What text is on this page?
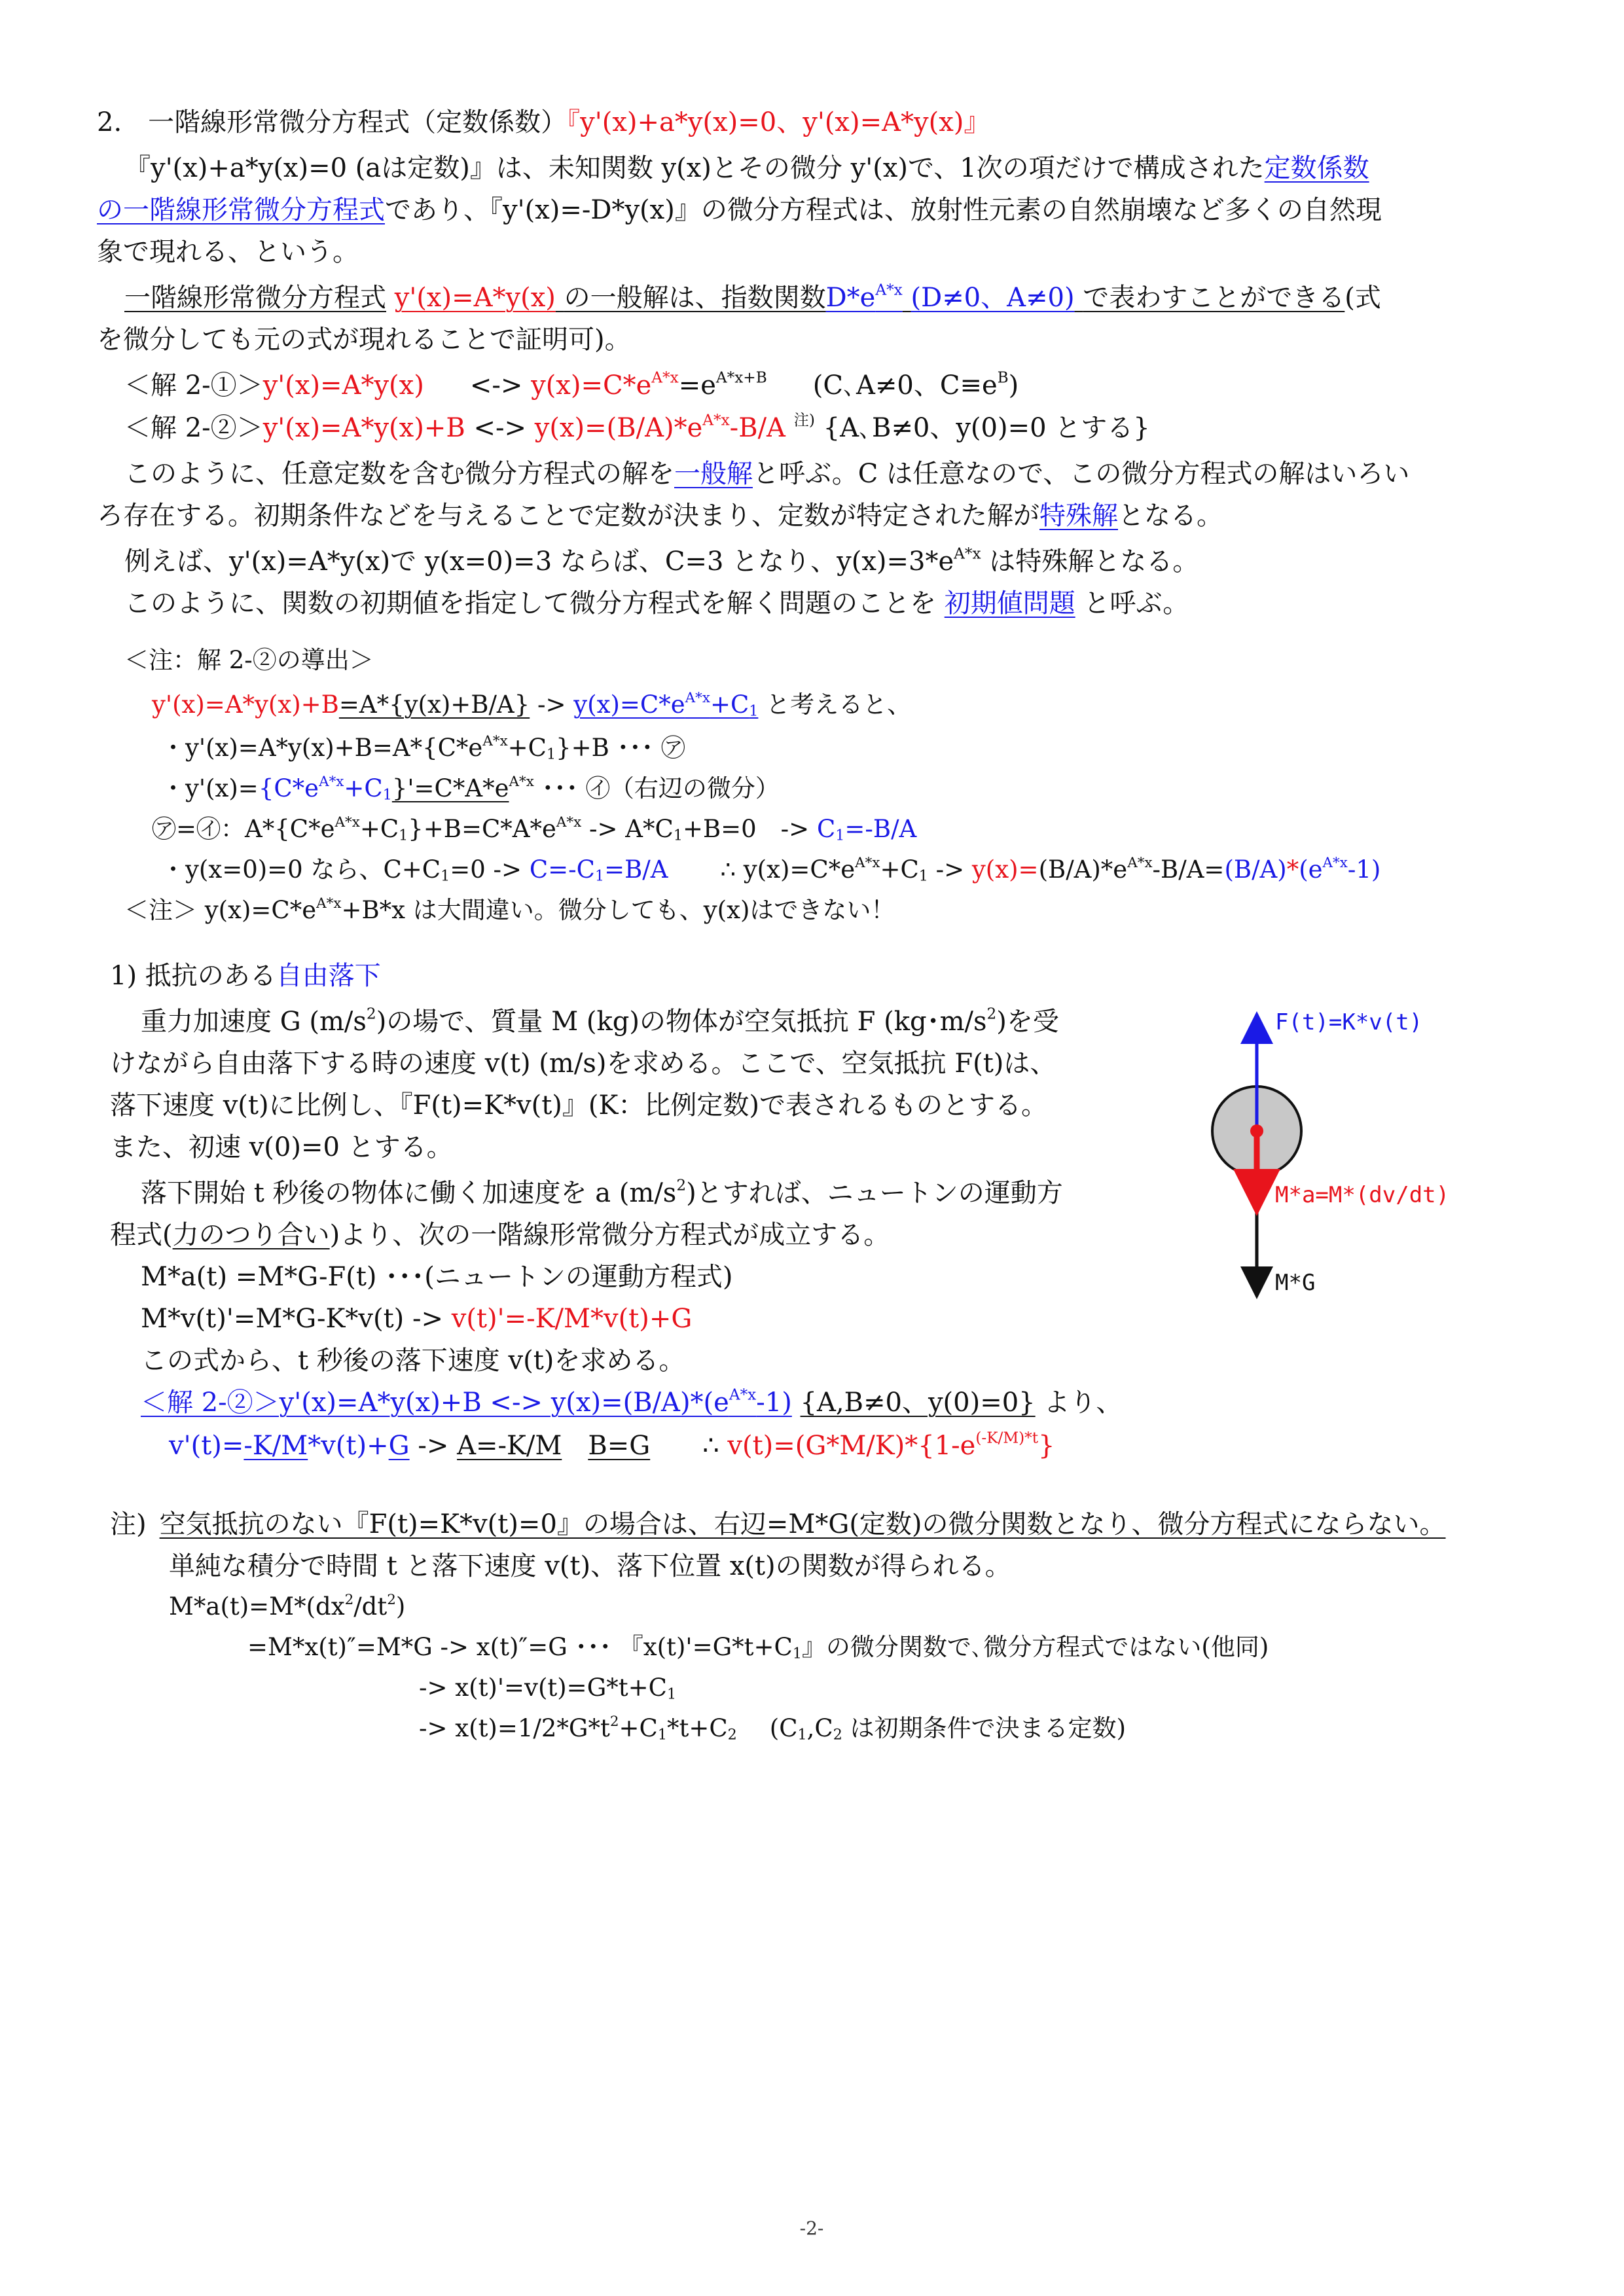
2.　一階線形常微分方程式（定数係数）『y'(x)+a*y(x)=0、y'(x)=A*y(x)』
『y'(x)+a*y(x)=0 (aは定数)』は、未知関数 y(x)とその微分 y'(x)で、1次の項だけで構成された定数係数
の一階線形常微分方程式であり、『y'(x)=-D*y(x)』の微分方程式は、放射性元素の自然崩壊など多くの自然現
象で現れる、という。
一階線形常微分方程式 y'(x)=A*y(x) の一般解は、指数関数$D*e^{A*x}$ (D≠0、A≠0) で表わすことができる(式
を微分しても元の式が現れることで証明可)。
＜解 2-①＞y'(x)=A*y(x) <-> $y(x)=C*e^{A*x}=e^{A*x+B}$ (C､A≠0、$C\equiv e^B$)
＜解 2-②＞y'(x)=A*y(x)+B <-> $y(x)=(B/A)*e^{A*x}-B/A$ $^{注)}$ {A､B≠0、y(0)=0 とする}
このように、任意定数を含む微分方程式の解を一般解と呼ぶ。C は任意なので、この微分方程式の解はいろい
ろ存在する。初期条件などを与えることで定数が決まり、定数が特定された解が特殊解となる。
例えば、y'(x)=A*y(x)で y(x=0)=3 ならば、C=3 となり、$y(x)=3*e^{A*x}$ は特殊解となる。
このように、関数の初期値を指定して微分方程式を解く問題のことを 初期値問題 と呼ぶ。
＜注：解 2-②の導出＞
$y'(x)=A*y(x)+B=A*\{y(x)+B/A\} -> y(x)=C*e^{A*x}+C_1$ と考えると、
・$y'(x)=A*y(x)+B=A*\{C*e^{A*x}+C_1\}+B$ ･･･ ㋐
・$y'(x)=\{C*e^{A*x}+C_1\}'=C*A*e^{A*x}$ ･･･ ㋑（右辺の微分）
㋐=㋑：$A*\{C*e^{A*x}+C_1\}+B=C*A*e^{A*x} -> A*C_1+B=0$　-> $C_1=-B/A$
・y(x=0)=0 なら、$C+C_1=0 -> C=-C_1=B/A$ ∴ $y(x)=C*e^{A*x}+C_1 -> y(x)=(B/A)*e^{A*x}-B/A=(B/A)*(e^{A*x}-1)$
＜注＞ $y(x)=C*e^{A*x}+B*x$ は大間違い。微分しても、y(x)はできない！
1) 抵抗のある自由落下
重力加速度 G $(m/s^2)$の場で、質量 M (kg)の物体が空気抵抗 F (kg･$m/s^2$)を受
けながら自由落下する時の速度 v(t) (m/s)を求める。ここで、空気抵抗 F(t)は、
落下速度 v(t)に比例し、『F(t)=K*v(t)』(K：比例定数)で表されるものとする。
また、初速 v(0)=0 とする。
落下開始 t 秒後の物体に働く加速度を a $(m/s^2)$とすれば、ニュートンの運動方
程式(力のつり合い)より、次の一階線形常微分方程式が成立する。
M*a(t) =M*G-F(t) ･･･(ニュートンの運動方程式)
M*v(t)'=M*G-K*v(t) -> v(t)'=-K/M*v(t)+G
この式から、t 秒後の落下速度 v(t)を求める。
＜解 2-②＞y'(x)=A*y(x)+B <-> $y(x)=(B/A)*(e^{A*x}-1)$ {A,B≠0、y(0)=0} より、
v'(t)=-K/M*v(t)+G -> A=-K/M B=G ∴ $v(t)=(G*M/K)*\{1-e^{(-K/M)*t}\}$
F(t)=K*v(t)
M*a=M*(dv/dt)
M*G
注) 空気抵抗のない『F(t)=K*v(t)=0』の場合は、右辺=M*G(定数)の微分関数となり、微分方程式にならない。
単純な積分で時間 t と落下速度 v(t)、落下位置 x(t)の関数が得られる。
$M*a(t)=M*(dx^2/dt^2)$
=M*x(t)″=M*G -> x(t)″=G ･･･ 『$x(t)'=G*t+C_1$』の微分関数で､微分方程式ではない(他同)
-> $x(t)'=v(t)=G*t+C_1$
-> $x(t)=1/2*G*t^2+C_1*t+C_2$ ($C_1,C_2$ は初期条件で決まる定数)
-2-
